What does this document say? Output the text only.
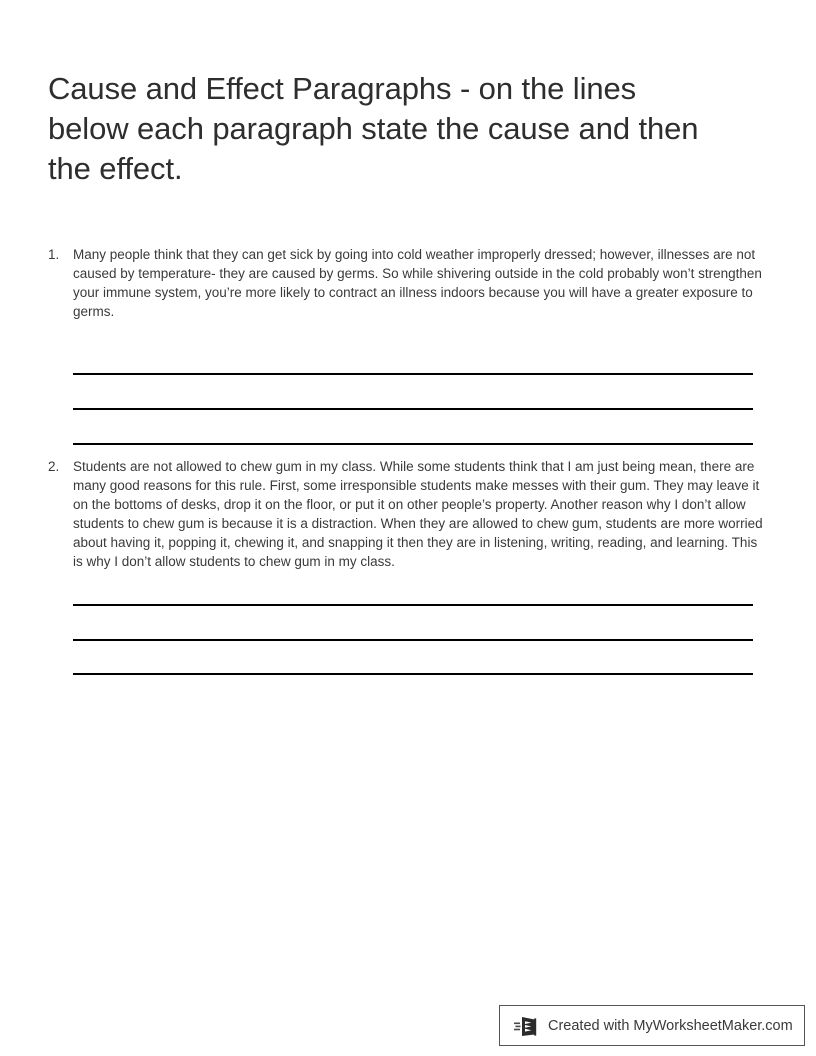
Cause and Effect Paragraphs - on the lines below each paragraph state the cause and then the effect.
1.	Many people think that they can get sick by going into cold weather improperly dressed; however, illnesses are not caused by temperature- they are caused by germs. So while shivering outside in the cold probably won’t strengthen your immune system, you’re more likely to contract an illness indoors because you will have a greater exposure to germs.
2.	Students are not allowed to chew gum in my class. While some students think that I am just being mean, there are many good reasons for this rule. First, some irresponsible students make messes with their gum. They may leave it on the bottoms of desks, drop it on the floor, or put it on other people’s property. Another reason why I don’t allow students to chew gum is because it is a distraction. When they are allowed to chew gum, students are more worried about having it, popping it, chewing it, and snapping it then they are in listening, writing, reading, and learning. This is why I don’t allow students to chew gum in my class.
Created with MyWorksheetMaker.com
